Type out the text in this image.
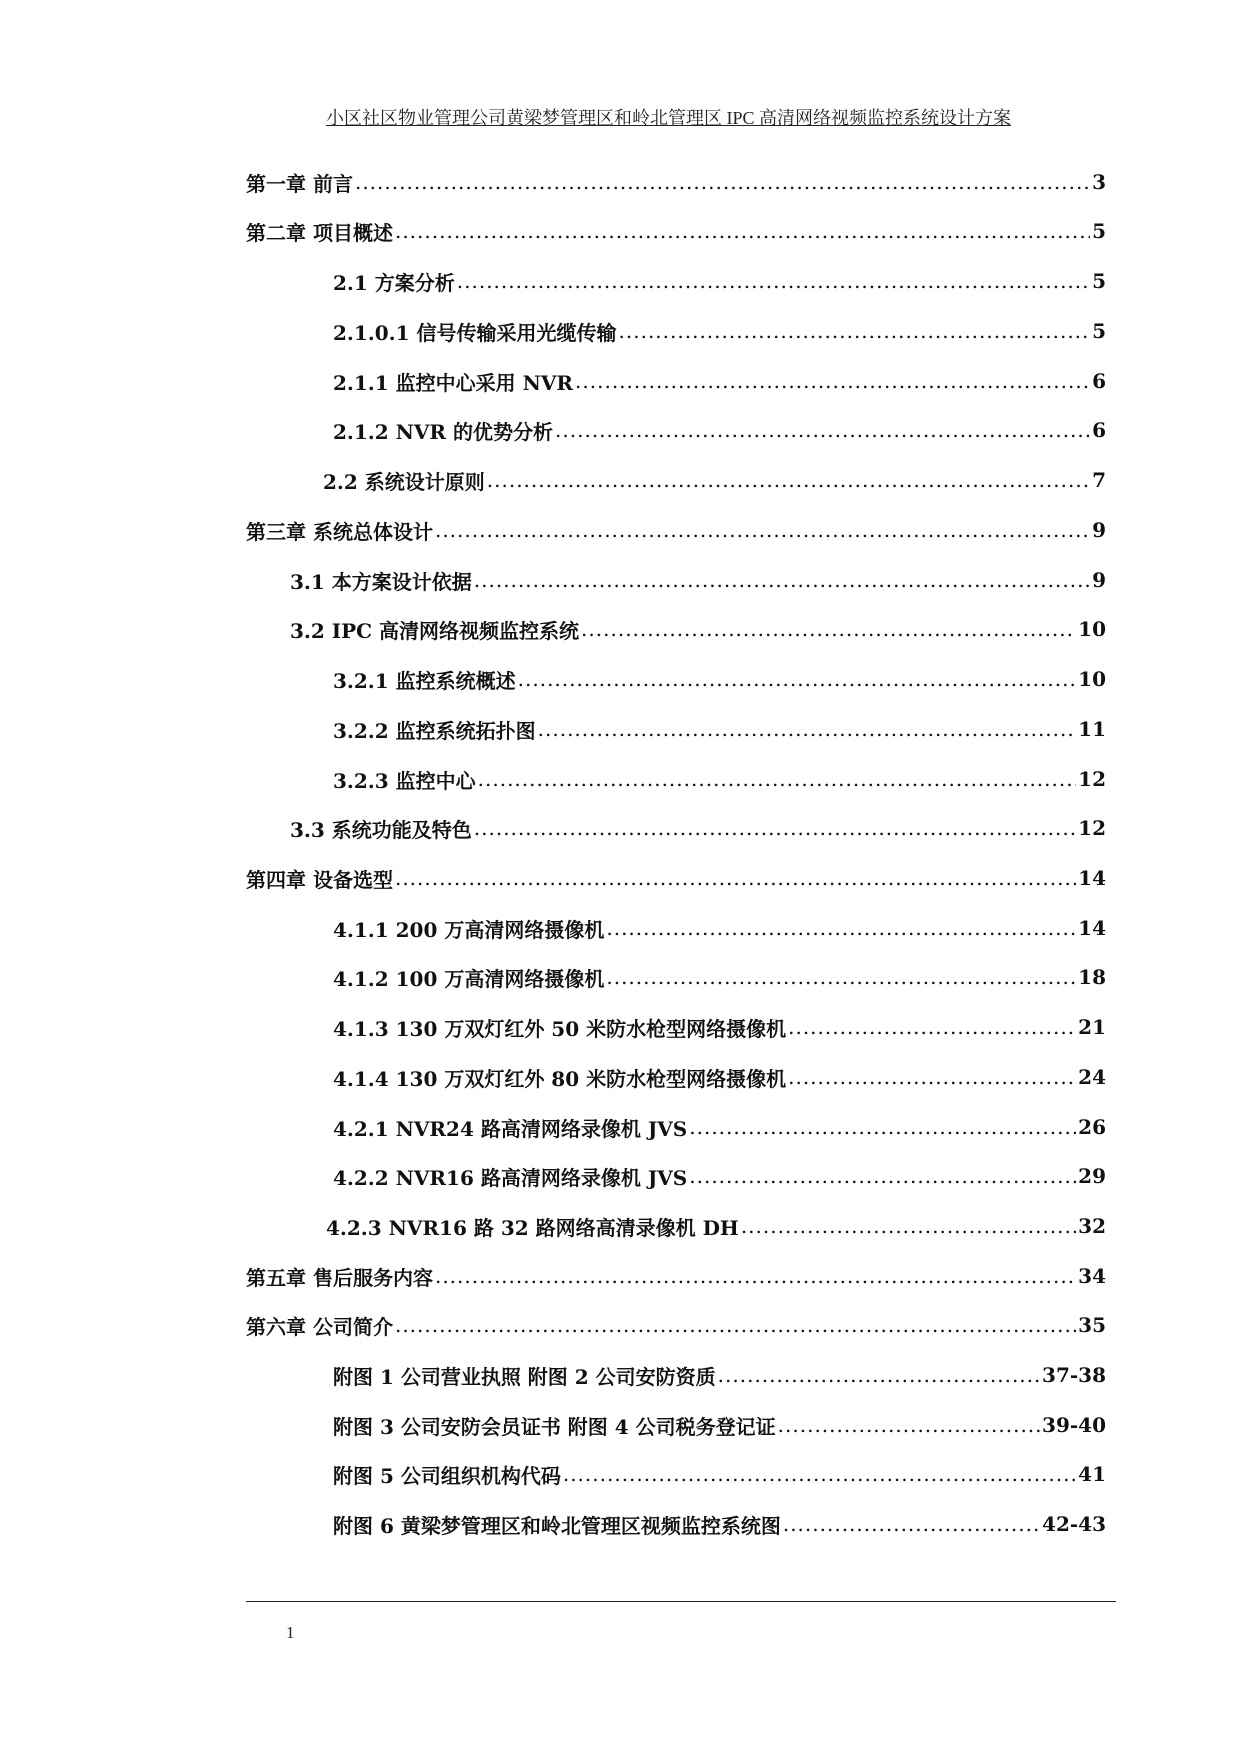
小区社区物业管理公司黄梁梦管理区和岭北管理区 IPC 高清网络视频监控系统设计方案
第一章 前言 .....	3
第二章 项目概述 .....	5
2.1 方案分析 .....	5
2.1.0.1 信号传输采用光缆传输 .....	5
2.1.1 监控中心采用 NVR .....	6
2.1.2 NVR 的优势分析 .....	6
2.2 系统设计原则 .....	7
第三章 系统总体设计 .....	9
3.1 本方案设计依据 .....	9
3.2 IPC 高清网络视频监控系统 .....	10
3.2.1 监控系统概述 .....	10
3.2.2 监控系统拓扑图 .....	11
3.2.3 监控中心 .....	12
3.3 系统功能及特色 .....	12
第四章 设备选型 .....	14
4.1.1 200 万高清网络摄像机 .....	14
4.1.2 100 万高清网络摄像机 .....	18
4.1.3 130 万双灯红外 50 米防水枪型网络摄像机 .....	21
4.1.4 130 万双灯红外 80 米防水枪型网络摄像机 .....	24
4.2.1 NVR24 路高清网络录像机 JVS .....	26
4.2.2 NVR16 路高清网络录像机 JVS .....	29
4.2.3 NVR16 路 32 路网络高清录像机 DH .....	32
第五章 售后服务内容 .....	34
第六章 公司简介 .....	35
附图 1 公司营业执照 附图 2 公司安防资质 .....	37-38
附图 3 公司安防会员证书 附图 4 公司税务登记证 .....	39-40
附图 5 公司组织机构代码 .....	41
附图 6 黄梁梦管理区和岭北管理区视频监控系统图 .....	42-43
1
